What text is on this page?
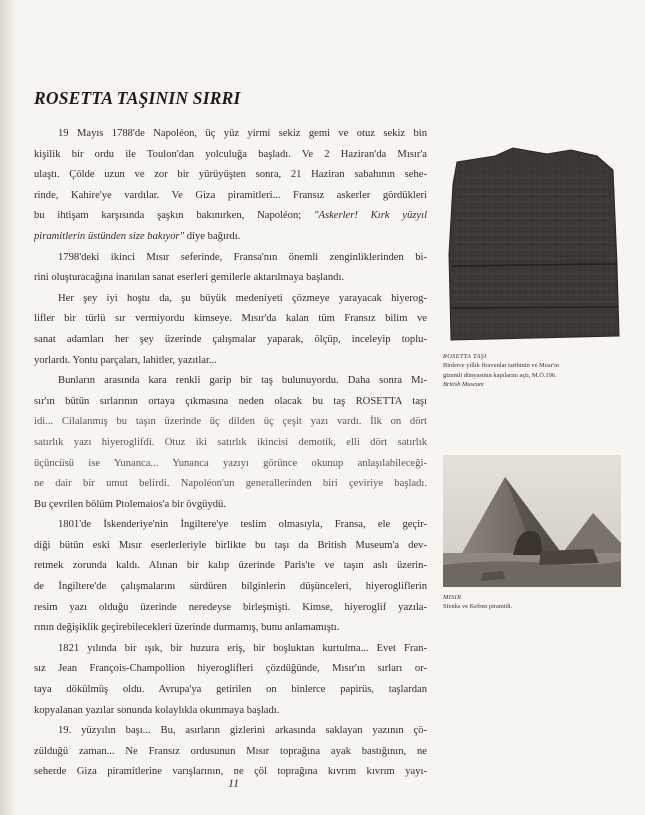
ROSETTA TAŞININ SIRRI

19 Mayıs 1788'de Napoléon, üç yüz yirmi sekiz gemi ve otuz sekiz bin
kişilik bir ordu ile Toulon'dan yolculuğa başladı. Ve 2 Haziran'da Mısır'a
ulaştı. Çölde uzun ve zor bir yürüyüşten sonra, 21 Haziran sabahının sehe-
rinde, Kahire'ye vardılar. Ve Giza piramitleri... Fransız askerler gördükleri
bu ihtişam karşısında şaşkın bakınırken, Napoléon; "Askerler! Kırk yüzyıl
piramitlerin üstünden size bakıyor" diye bağırdı.

1798'deki ikinci Mısır seferinde, Fransa'nın önemli zenginliklerinden bi-
rini oluşturacağına inanılan sanat eserleri gemilerle aktarılmaya başlandı.

Her şey iyi hoştu da, şu büyük medeniyeti çözmeye yarayacak hiyerog-
lifler bir türlü sır vermiyordu kimseye. Mısır'da kalan tüm Fransız bilim ve
sanat adamları her şey üzerinde çalışmalar yaparak, ölçüp, inceleyip toplu-
yorlardı. Yontu parçaları, lahitler, yazıtlar...

Bunların arasında kara renkli garip bir taş bulunuyordu. Daha sonra Mı-
sır'ın bütün sırlarının ortaya çıkmasına neden olacak bu taş ROSETTA taşı
idi... Cilalanmış bu taşın üzerinde üç dilden üç çeşit yazı vardı. İlk on dört
satırlık yazı hiyeroglifdi. Otuz iki satırlık ikincisi demotik, elli dört satırlık
üçüncüsü ise Yunanca... Yunanca yazıyı görünce okunup anlaşılabileceği-
ne dair bir umut belirdi. Napoléon'un generallerinden biri çeviriye başladı.
Bu çevrilen bölüm Ptolemaios'a bir övgüydü.

1801'de İskenderiye'nin İngiltere'ye teslim olmasıyla, Fransa, ele geçir-
diği bütün eski Mısır eserlerleriyle birlikte bu taşı da British Museum'a dev-
retmek zorunda kaldı. Alınan bir kalıp üzerinde Paris'te ve taşın aslı üzerin-
de İngiltere'de çalışmalarını sürdüren bilginlerin düşünceleri, hiyerogliflerin
resim yazı olduğu üzerinde neredeyse birleşmişti. Kimse, hiyeroglif yazıla-
rının değişiklik geçirebilecekleri üzerinde durmamış, bunu anlamamıştı.

1821 yılında bir ışık, bir huzura eriş, bir boşluktan kurtulma... Evet Fran-
sız Jean François-Champollion hiyeroglifleri çözdüğünde, Mısır'ın sırları or-
taya dökülmüş oldu. Avrupa'ya getirilen on binlerce papirüs, taşlardan
kopyalanan yazılar sonunda kolaylıkla okunmaya başladı.

19. yüzyılın başı... Bu, asırların gizlerini arkasında saklayan yazının çö-
zülduğü zaman... Ne Fransız ordusunun Mısır toprağına ayak bastığının, ne
seherde Giza piramitlerine varışlarının, ne çöl toprağına kıvrım kıvrım yayı-

ROSETTA TAŞI
Binlerce yıllık firavunlar tarihinin ve Mısır'ın
gizemli dünyasının kapılarını açtı, M.Ö.196.
British Museum
MISIR
Sfenks ve Kefren piramidi.
11
